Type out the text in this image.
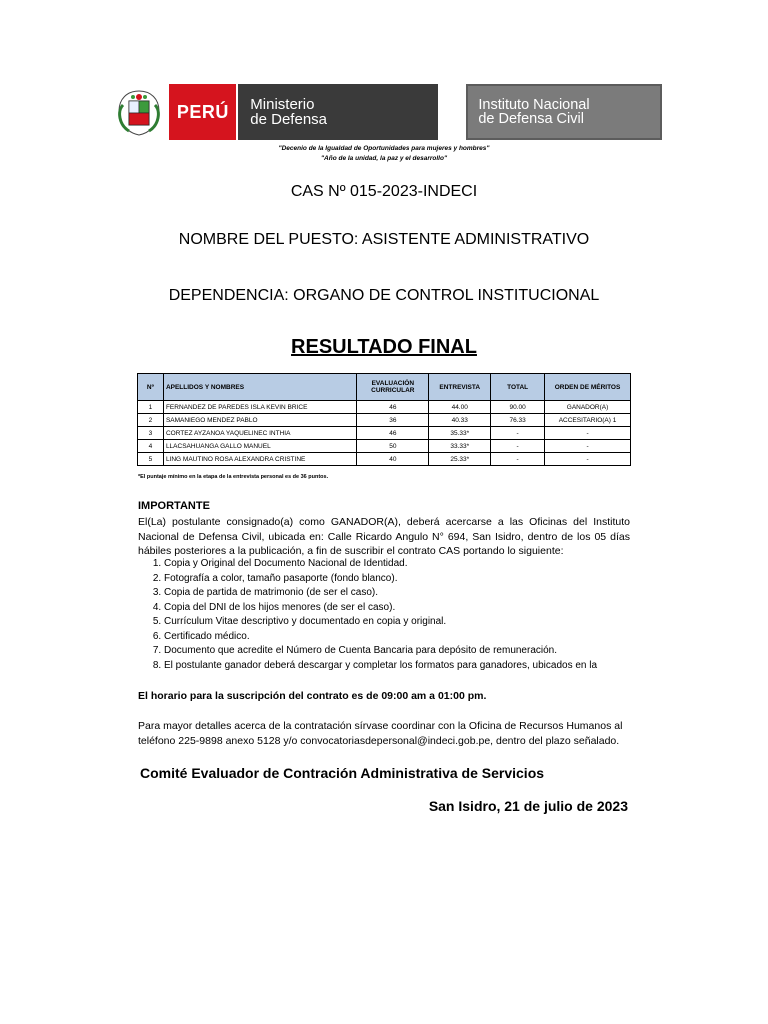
PERÚ	Ministerio
de Defensa
Instituto Nacional
de Defensa Civil
"Decenio de la Igualdad de Oportunidades para mujeres y hombres"
"Año de la unidad, la paz y el desarrollo"
CAS Nº 015-2023-INDECI
NOMBRE DEL PUESTO: ASISTENTE ADMINISTRATIVO
DEPENDENCIA: ORGANO DE CONTROL INSTITUCIONAL
RESULTADO FINAL
Nº	APELLIDOS Y NOMBRES	EVALUACIÓN CURRICULAR	ENTREVISTA	TOTAL	ORDEN DE MÉRITOS
1	FERNANDEZ DE PAREDES ISLA KEVIN BRICE	46	44.00	90.00	GANADOR(A)
2	SAMANIEGO MENDEZ PABLO	36	40.33	76.33	ACCESITARIO(A) 1
3	CORTEZ AYZANOA YAQUELINEC INTHIA	46	35.33*	-	-
4	LLACSAHUANGA GALLO MANUEL	50	33.33*	-	-
5	LING MAUTINO ROSA ALEXANDRA CRISTINE	40	25.33*	-	-
*El puntaje mínimo en la etapa de la entrevista personal es de 36 puntos.
IMPORTANTE
El(La) postulante consignado(a) como GANADOR(A), deberá acercarse a las Oficinas del Instituto Nacional de Defensa Civil, ubicada en: Calle Ricardo Angulo N° 694, San Isidro, dentro de los 05 días hábiles posteriores a la publicación, a fin de suscribir el contrato CAS portando lo siguiente:
1. Copia y Original del Documento Nacional de Identidad.
2. Fotografía a color, tamaño pasaporte (fondo blanco).
3. Copia de partida de matrimonio (de ser el caso).
4. Copia del DNI de los hijos menores (de ser el caso).
5. Currículum Vitae descriptivo y documentado en copia y original.
6. Certificado médico.
7. Documento que acredite el Número de Cuenta Bancaria para depósito de remuneración.
8. El postulante ganador deberá descargar y completar los formatos para ganadores, ubicados en la
El horario para la suscripción del contrato es de 09:00 am a 01:00 pm.
Para mayor detalles acerca de la contratación sírvase coordinar con la Oficina de Recursos Humanos al teléfono 225-9898 anexo 5128 y/o convocatoriasdepersonal@indeci.gob.pe, dentro del plazo señalado.
Comité Evaluador de Contración Administrativa de Servicios
San Isidro, 21 de julio de 2023
